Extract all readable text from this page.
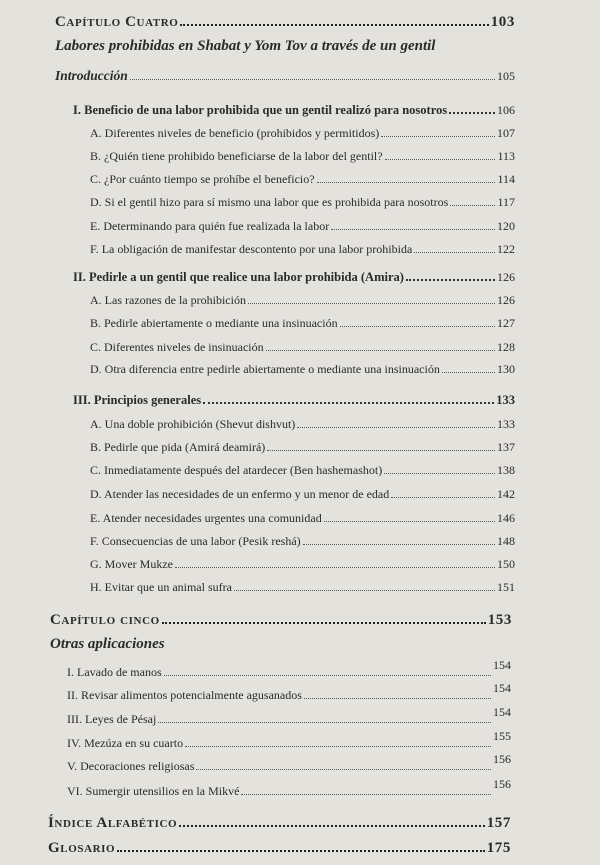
Capítulo Cuatro	103
Labores prohibidas en Shabat y Yom Tov a través de un gentil
Introducción	105
I. Beneficio de una labor prohibida que un gentil realizó para nosotros	106
A. Diferentes niveles de beneficio (prohibidos y permitidos)	107
B. ¿Quién tiene prohibido beneficiarse de la labor del gentil?	113
C. ¿Por cuánto tiempo se prohíbe el beneficio?	114
D. Si el gentil hizo para sí mismo una labor que es prohibida para nosotros	117
E. Determinando para quién fue realizada la labor	120
F. La obligación de manifestar descontento por una labor prohibida	122
II. Pedirle a un gentil que realice una labor prohibida (Amira)	126
A. Las razones de la prohibición	126
B. Pedirle abiertamente o mediante una insinuación	127
C. Diferentes niveles de insinuación	128
D. Otra diferencia entre pedirle abiertamente o mediante una insinuación	130
III. Principios generales	133
A. Una doble prohibición (Shevut dishvut)	133
B. Pedirle que pida (Amirá deamirá)	137
C. Inmediatamente después del atardecer (Ben hashemashot)	138
D. Atender las necesidades de un enfermo y un menor de edad	142
E. Atender necesidades urgentes una comunidad	146
F. Consecuencias de una labor (Pesik reshá)	148
G. Mover Mukze	150
H. Evitar que un animal sufra	151
Capítulo cinco	153
Otras aplicaciones
I. Lavado de manos	154
II. Revisar alimentos potencialmente agusanados	154
III. Leyes de Pésaj	154
IV. Mezúza en su cuarto	155
V. Decoraciones religiosas	156
VI. Sumergir utensilios en la Mikvé	156
Índice Alfabético	157
Glosario	175
